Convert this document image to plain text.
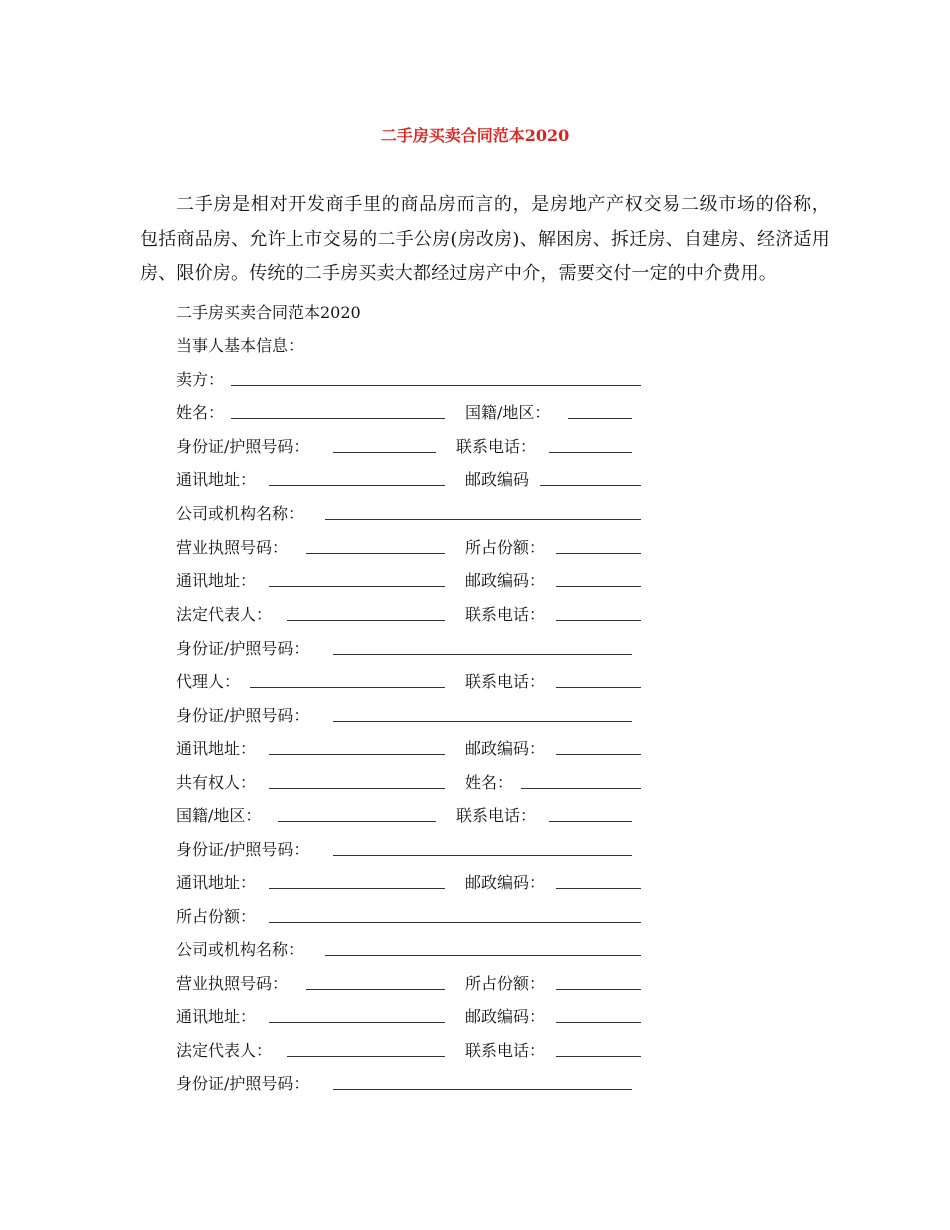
二手房买卖合同范本2020

二手房是相对开发商手里的商品房而言的，是房地产产权交易二级市场的俗称，包括商品房、允许上市交易的二手公房(房改房)、解困房、拆迁房、自建房、经济适用房、限价房。传统的二手房买卖大都经过房产中介，需要交付一定的中介费用。

二手房买卖合同范本2020
当事人基本信息：
卖方：
姓名：	国籍/地区：
身份证/护照号码：	联系电话：
通讯地址：	邮政编码
公司或机构名称：
营业执照号码：	所占份额：
通讯地址：	邮政编码：
法定代表人：	联系电话：
身份证/护照号码：
代理人：	联系电话：
身份证/护照号码：
通讯地址：	邮政编码：
共有权人：	姓名：
国籍/地区：	联系电话：
身份证/护照号码：
通讯地址：	邮政编码：
所占份额：
公司或机构名称：
营业执照号码：	所占份额：
通讯地址：	邮政编码：
法定代表人：	联系电话：
身份证/护照号码：
